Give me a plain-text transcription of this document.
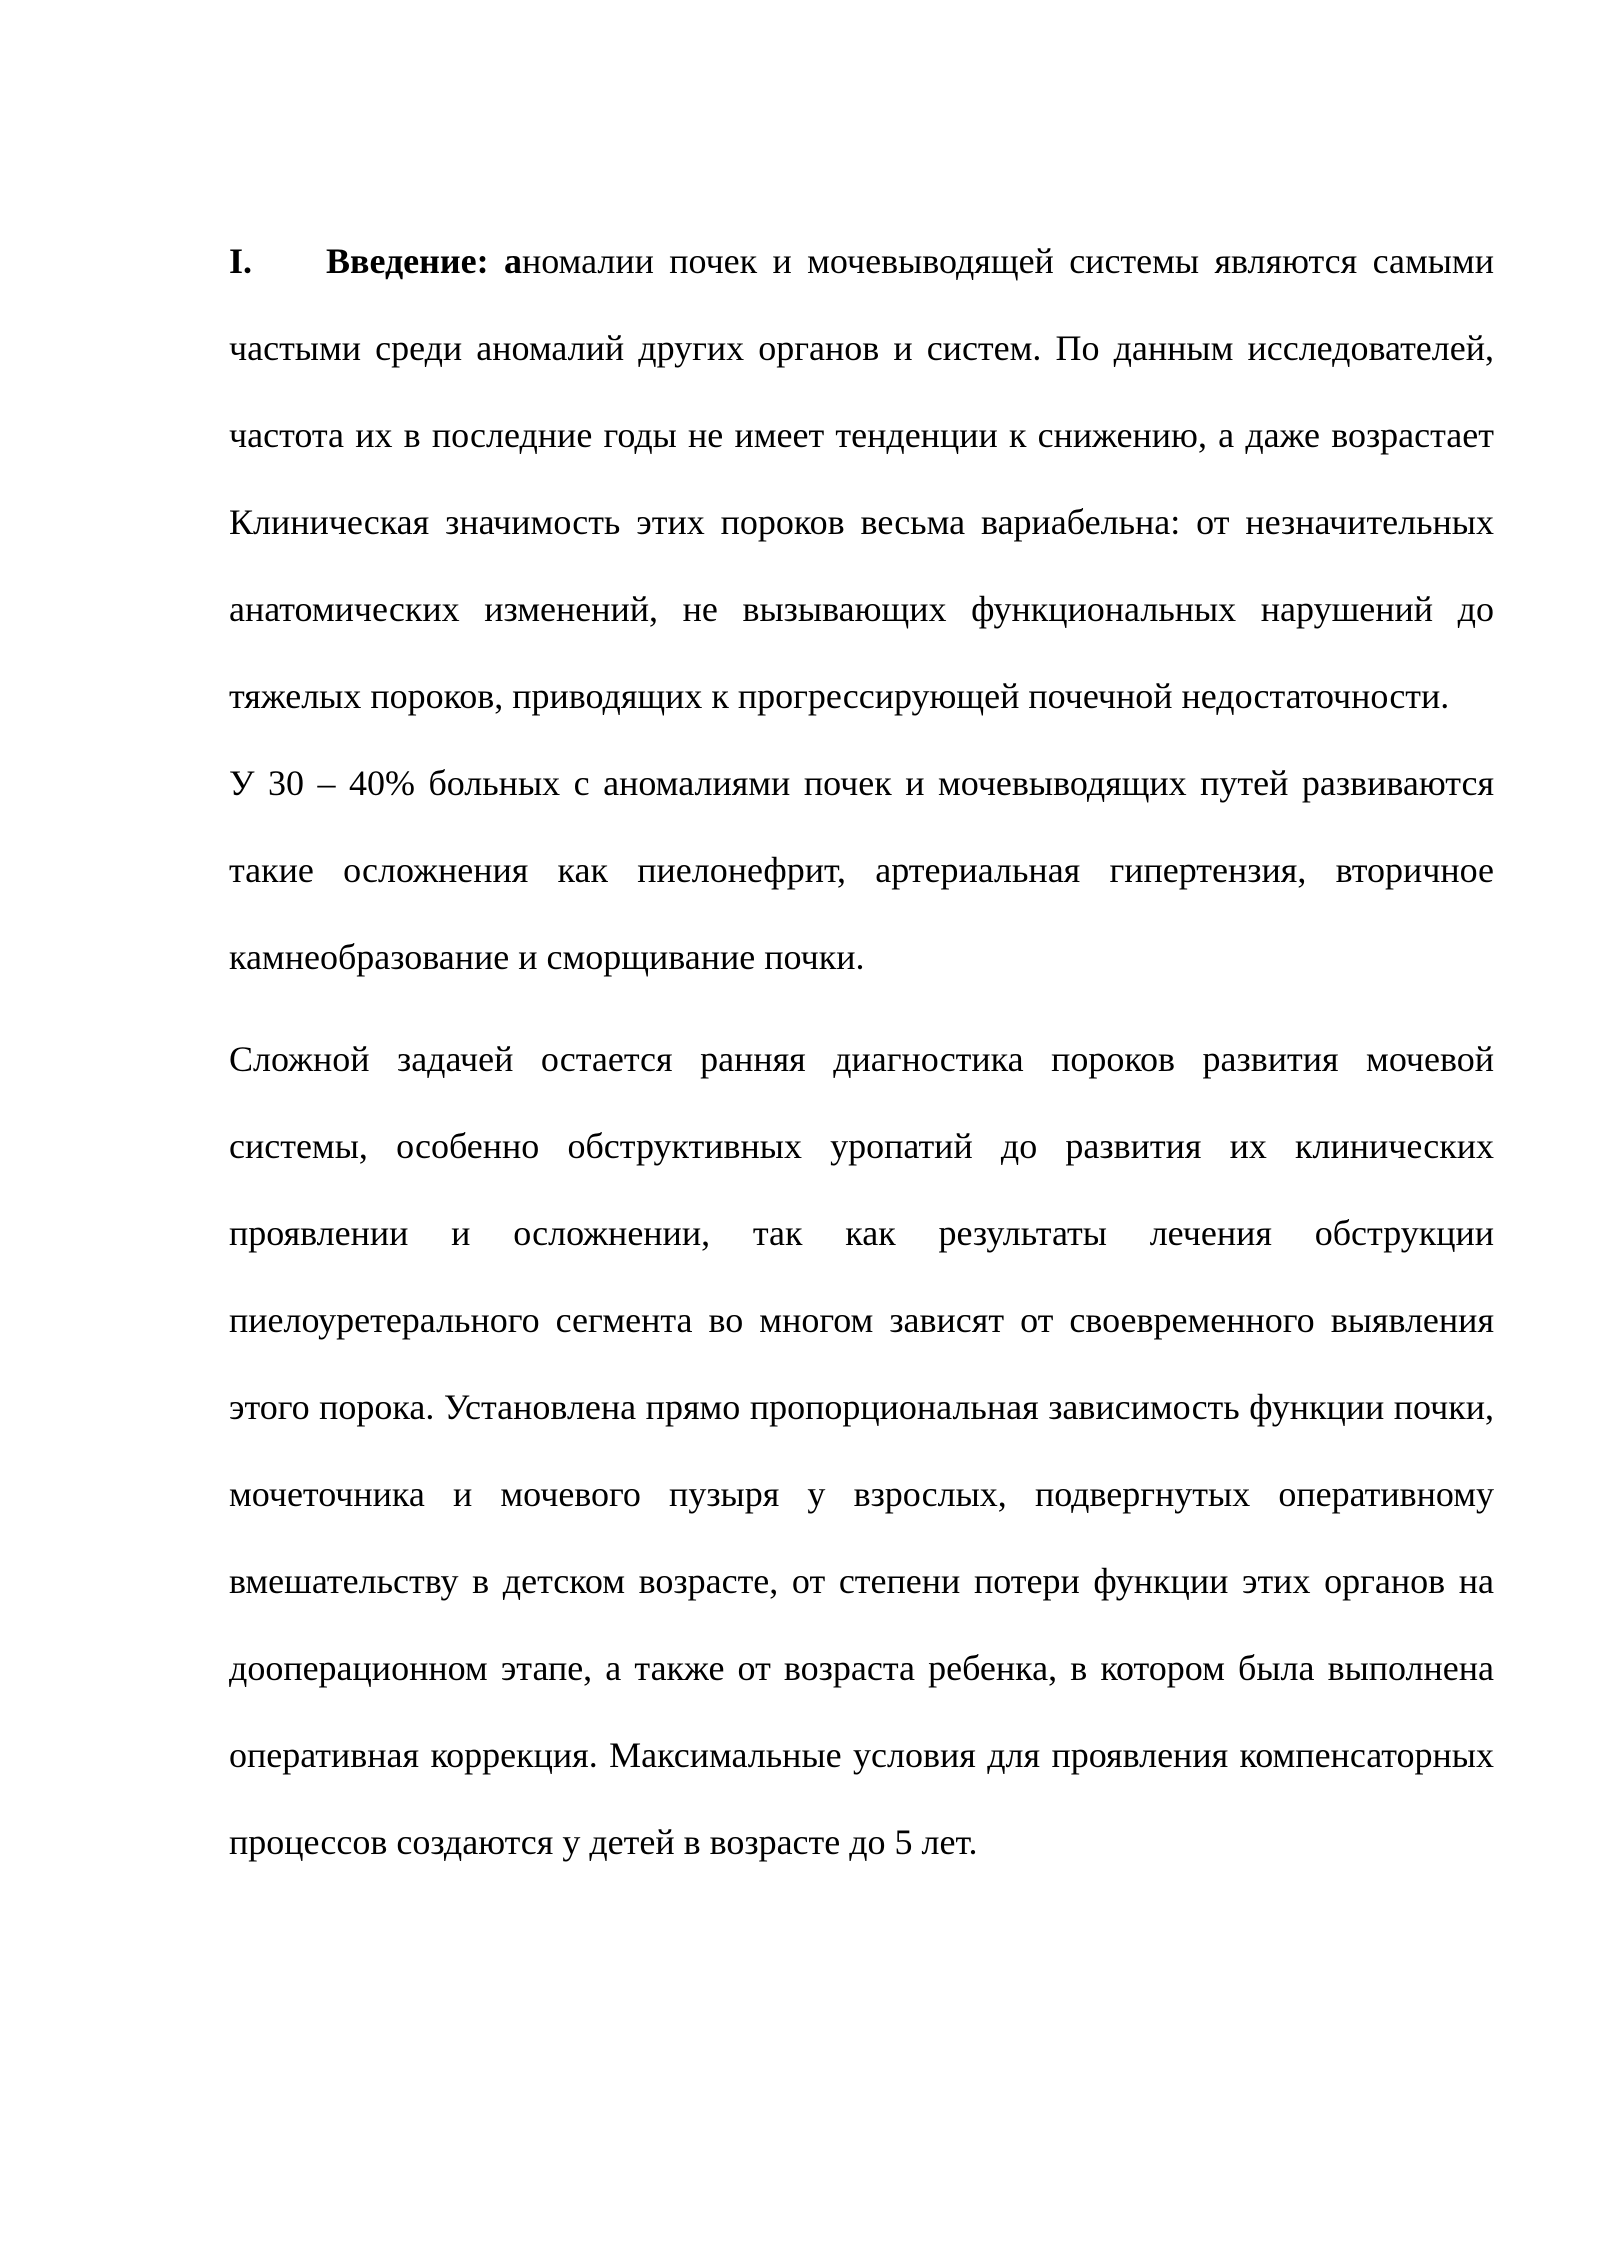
I. Введение: аномалии почек и мочевыводящей системы являются самыми частыми среди аномалий других органов и систем. По данным исследователей, частота их в последние годы не имеет тенденции к снижению, а даже возрастает Клиническая значимость этих пороков весьма вариабельна: от незначительных анатомических изменений, не вызывающих функциональных нарушений до тяжелых пороков, приводящих к прогрессирующей почечной недостаточности.

У 30 – 40% больных с аномалиями почек и мочевыводящих путей развиваются такие осложнения как пиелонефрит, артериальная гипертензия, вторичное камнеобразование и сморщивание почки.

Сложной задачей остается ранняя диагностика пороков развития мочевой системы, особенно обструктивных уропатий до развития их клинических проявлении и осложнении, так как результаты лечения обструкции пиелоуретерального сегмента во многом зависят от своевременного выявления этого порока. Установлена прямо пропорциональная зависимость функции почки, мочеточника и мочевого пузыря у взрослых, подвергнутых оперативному вмешательству в детском возрасте, от степени потери функции этих органов на дооперационном этапе, а также от возраста ребенка, в котором была выполнена оперативная коррекция. Максимальные условия для проявления компенсаторных процессов создаются у детей в возрасте до 5 лет.
